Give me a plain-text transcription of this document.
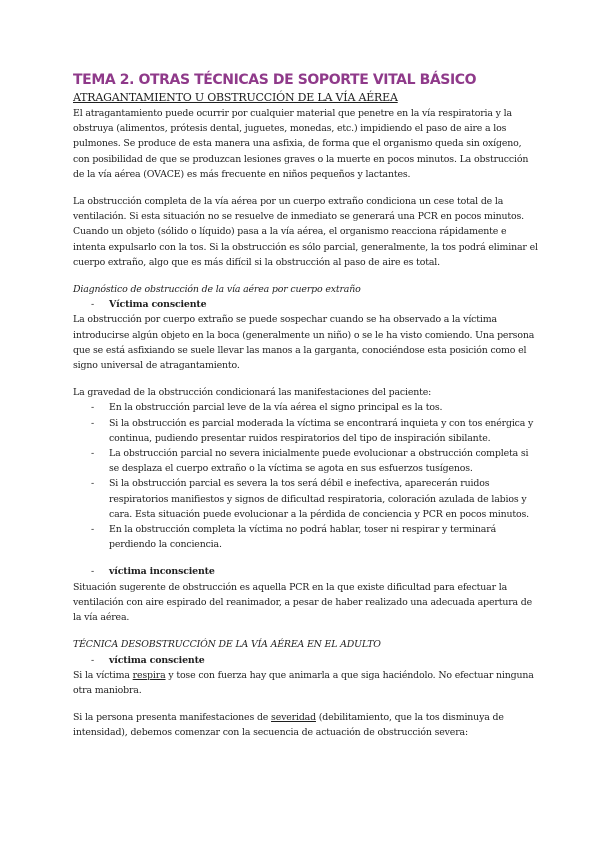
TEMA 2. OTRAS TÉCNICAS DE SOPORTE VITAL BÁSICO
ATRAGANTAMIENTO U OBSTRUCCIÓN DE LA VÍA AÉREA

El atragantamiento puede ocurrir por cualquier material que penetre en la vía respiratoria y la obstruya (alimentos, prótesis dental, juguetes, monedas, etc.) impidiendo el paso de aire a los pulmones. Se produce de esta manera una asfixia, de forma que el organismo queda sin oxígeno, con posibilidad de que se produzcan lesiones graves o la muerte en pocos minutos. La obstrucción de la vía aérea (OVACE) es más frecuente en niños pequeños y lactantes.

La obstrucción completa de la vía aérea por un cuerpo extraño condiciona un cese total de la ventilación. Si esta situación no se resuelve de inmediato se generará una PCR en pocos minutos. Cuando un objeto (sólido o líquido) pasa a la vía aérea, el organismo reacciona rápidamente e intenta expulsarlo con la tos. Si la obstrucción es sólo parcial, generalmente, la tos podrá eliminar el cuerpo extraño, algo que es más difícil si la obstrucción al paso de aire es total.

Diagnóstico de obstrucción de la vía aérea por cuerpo extraño

-	Víctima consciente

La obstrucción por cuerpo extraño se puede sospechar cuando se ha observado a la víctima introducirse algún objeto en la boca (generalmente un niño) o se le ha visto comiendo. Una persona que se está asfixiando se suele llevar las manos a la garganta, conociéndose esta posición como el signo universal de atragantamiento.

La gravedad de la obstrucción condicionará las manifestaciones del paciente:

-	En la obstrucción parcial leve de la vía aérea el signo principal es la tos.
-	Si la obstrucción es parcial moderada la víctima se encontrará inquieta y con tos enérgica y continua, pudiendo presentar ruidos respiratorios del tipo de inspiración sibilante.
-	La obstrucción parcial no severa inicialmente puede evolucionar a obstrucción completa si se desplaza el cuerpo extraño o la víctima se agota en sus esfuerzos tusígenos.
-	Si la obstrucción parcial es severa la tos será débil e inefectiva, aparecerán ruidos respiratorios manifiestos y signos de dificultad respiratoria, coloración azulada de labios y cara. Esta situación puede evolucionar a la pérdida de conciencia y PCR en pocos minutos.
-	En la obstrucción completa la víctima no podrá hablar, toser ni respirar y terminará perdiendo la conciencia.
-	víctima inconsciente

Situación sugerente de obstrucción es aquella PCR en la que existe dificultad para efectuar la ventilación con aire espirado del reanimador, a pesar de haber realizado una adecuada apertura de la vía aérea.

TÉCNICA DESOBSTRUCCIÓN DE LA VÍA AÉREA EN EL ADULTO

-	víctima consciente

Si la víctima respira y tose con fuerza hay que animarla a que siga haciéndolo. No efectuar ninguna otra maniobra.

Si la persona presenta manifestaciones de severidad (debilitamiento, que la tos disminuya de intensidad), debemos comenzar con la secuencia de actuación de obstrucción severa:
